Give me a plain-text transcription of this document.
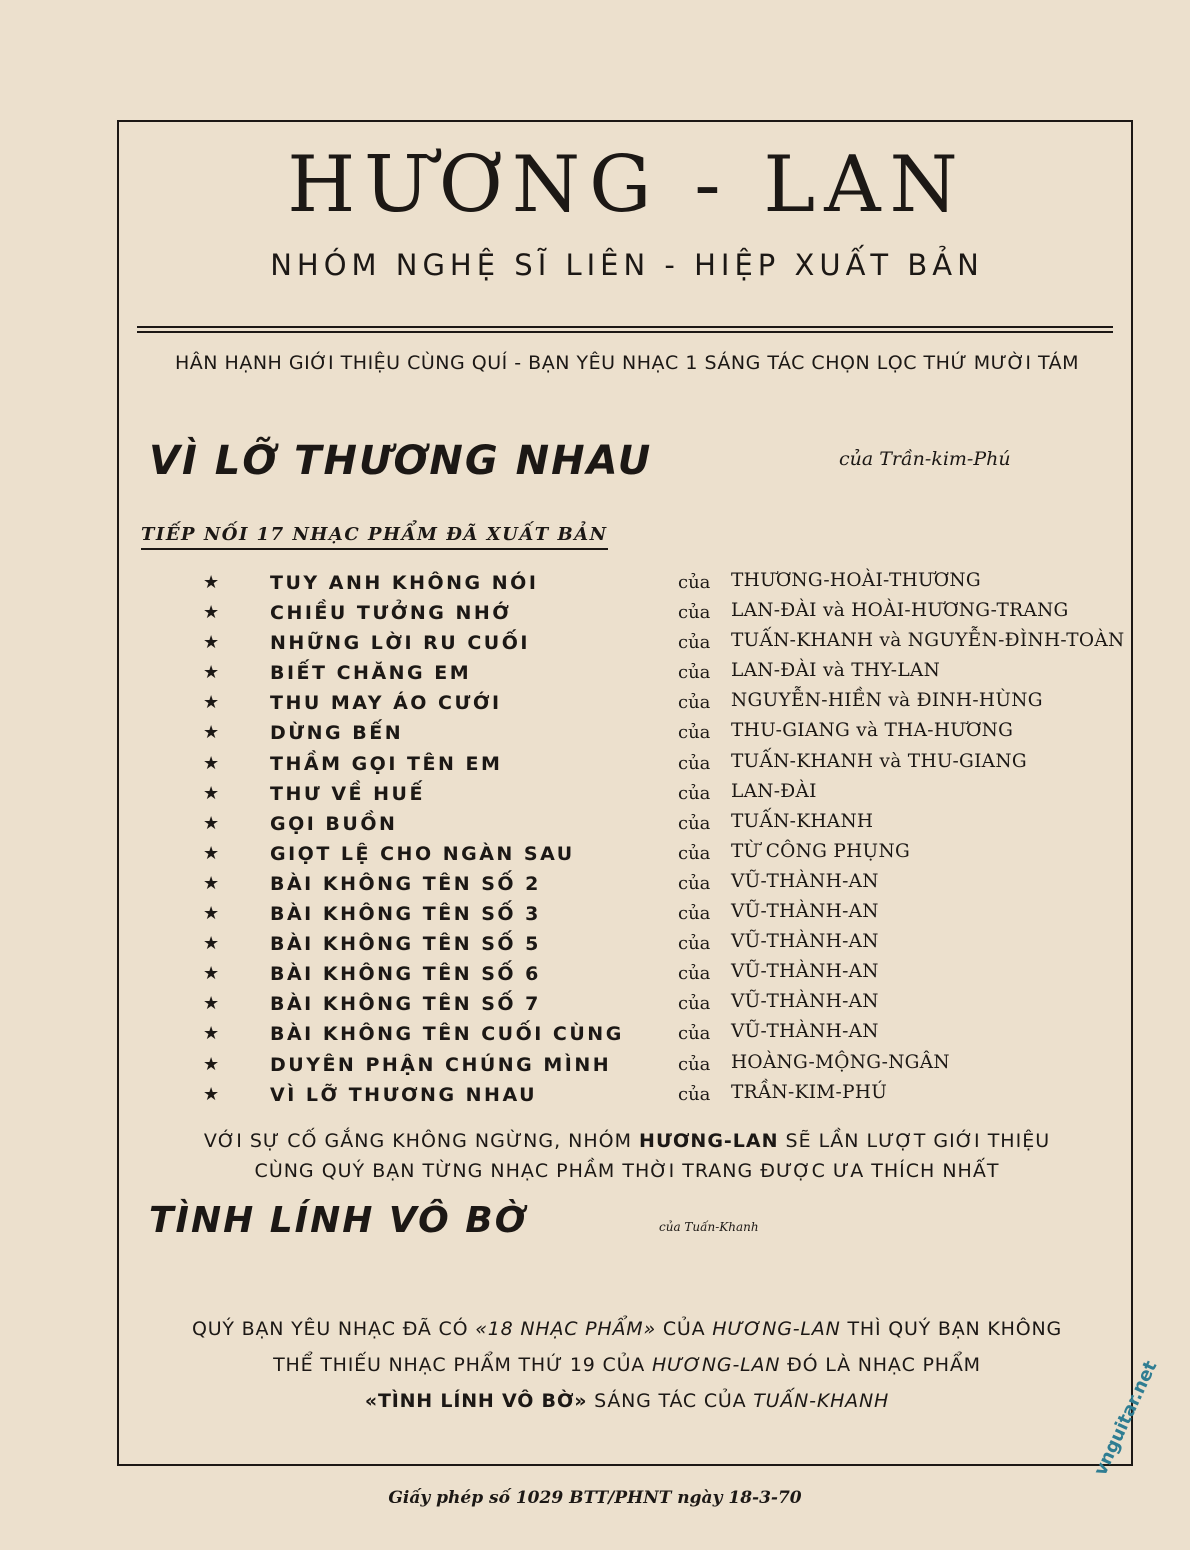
HƯƠNG - LAN
NHÓM NGHỆ SĨ LIÊN - HIỆP XUẤT BẢN
HÂN HẠNH GIỚI THIỆU CÙNG QUÍ - BẠN YÊU NHẠC 1 SÁNG TÁC CHỌN LỌC THỨ MƯỜI TÁM
VÌ LỠ THƯƠNG NHAU	của Trần-kim-Phú
TIẾP NỐI 17 NHẠC PHẨM ĐÃ XUẤT BẢN
★	TUY ANH KHÔNG NÓI	của THƯƠNG-HOÀI-THƯƠNG
★	CHIỀU TƯỞNG NHỚ	của LAN-ĐÀI và HOÀI-HƯƠNG-TRANG
★	NHỮNG LỜI RU CUỐI	của TUẤN-KHANH và NGUYỄN-ĐÌNH-TOÀN
★	BIẾT CHĂNG EM	của LAN-ĐÀI và THY-LAN
★	THU MAY ÁO CƯỚI	của NGUYỄN-HIỀN và ĐINH-HÙNG
★	DỪNG BẾN	của THU-GIANG và THA-HƯƠNG
★	THẦM GỌI TÊN EM	của TUẤN-KHANH và THU-GIANG
★	THƯ VỀ HUẾ	của LAN-ĐÀI
★	GỌI BUỒN	của TUẤN-KHANH
★	GIỌT LỆ CHO NGÀN SAU	của TỪ CÔNG PHỤNG
★	BÀI KHÔNG TÊN SỐ 2	của VŨ-THÀNH-AN
★	BÀI KHÔNG TÊN SỐ 3	của VŨ-THÀNH-AN
★	BÀI KHÔNG TÊN SỐ 5	của VŨ-THÀNH-AN
★	BÀI KHÔNG TÊN SỐ 6	của VŨ-THÀNH-AN
★	BÀI KHÔNG TÊN SỐ 7	của VŨ-THÀNH-AN
★	BÀI KHÔNG TÊN CUỐI CÙNG	của VŨ-THÀNH-AN
★	DUYÊN PHẬN CHÚNG MÌNH	của HOÀNG-MỘNG-NGÂN
★	VÌ LỠ THƯƠNG NHAU	của TRẦN-KIM-PHÚ
VỚI SỰ CỐ GẮNG KHÔNG NGỪNG, NHÓM HƯƠNG-LAN SẼ LẦN LƯỢT GIỚI THIỆU
CÙNG QUÝ BẠN TỪNG NHẠC PHẦM THỜI TRANG ĐƯỢC ƯA THÍCH NHẤT
TÌNH LÍNH VÔ BỜ	của Tuấn-Khanh
QUÝ BẠN YÊU NHẠC ĐÃ CÓ «18 NHẠC PHẨM» CỦA HƯƠNG-LAN THÌ QUÝ BẠN KHÔNG
THỂ THIẾU NHẠC PHẨM THỨ 19 CỦA HƯƠNG-LAN ĐÓ LÀ NHẠC PHẨM
«TÌNH LÍNH VÔ BỜ» SÁNG TÁC CỦA TUẤN-KHANH
Giấy phép số 1029 BTT/PHNT ngày 18-3-70
vnguitar.net
